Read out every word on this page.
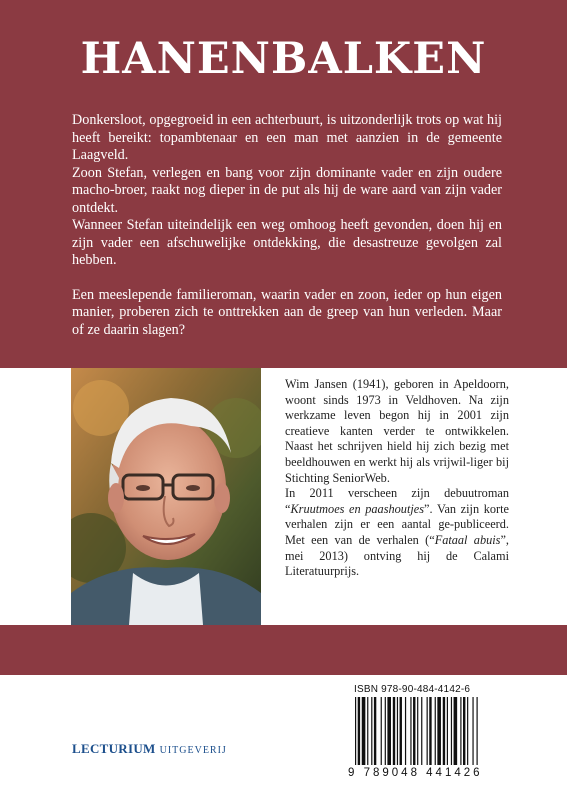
HANENBALKEN

Donkersloot, opgegroeid in een achterbuurt, is uitzonderlijk trots op wat hij heeft bereikt: topambtenaar en een man met aanzien in de gemeente Laagveld.

Zoon Stefan, verlegen en bang voor zijn dominante vader en zijn oudere macho-broer, raakt nog dieper in de put als hij de ware aard van zijn vader ontdekt.

Wanneer Stefan uiteindelijk een weg omhoog heeft gevonden, doen hij en zijn vader een afschuwelijke ontdekking, die desastreuze gevolgen zal hebben.

Een meeslepende familieroman, waarin vader en zoon, ieder op hun eigen manier, proberen zich te onttrekken aan de greep van hun verleden. Maar of ze daarin slagen?

Wim Jansen (1941), geboren in Apeldoorn, woont sinds 1973 in Veldhoven. Na zijn werkzame leven begon hij in 2001 zijn creatieve kanten verder te ontwikkelen. Naast het schrijven hield hij zich bezig met beeldhouwen en werkt hij als vrijwil-liger bij Stichting SeniorWeb.

In 2011 verscheen zijn debuutroman “Kruutmoes en paashoutjes”. Van zijn korte verhalen zijn er een aantal ge-publiceerd. Met een van de verhalen (“Fataal abuis”, mei 2013) ontving hij de Calami Literatuurprijs.

LECTURIUM UITGEVERIJ
ISBN 978-90-484-4142-6
9 789048 441426
